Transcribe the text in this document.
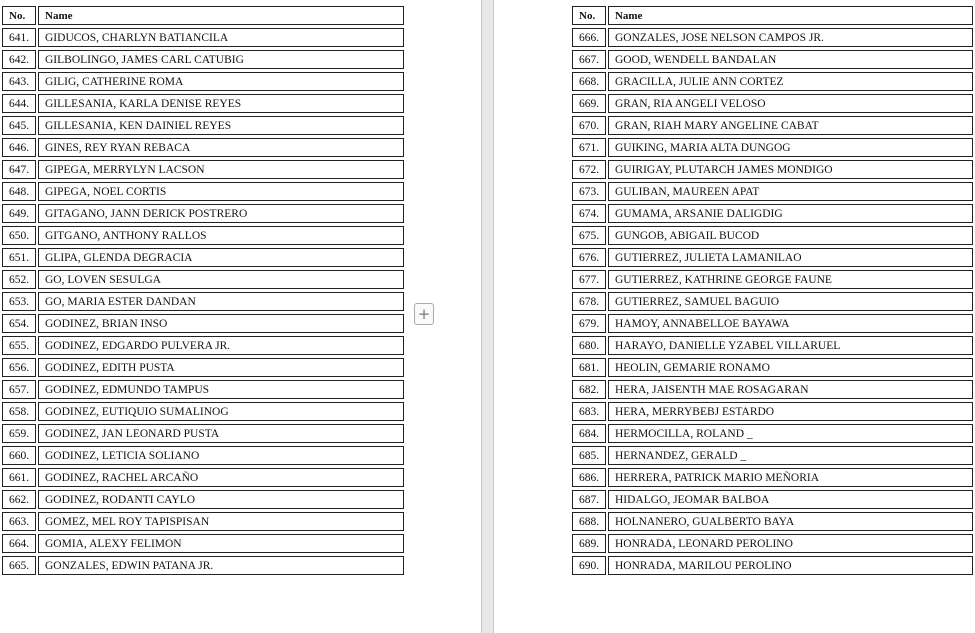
No.	Name
641.	GIDUCOS, CHARLYN BATIANCILA
642.	GILBOLINGO, JAMES CARL CATUBIG
643.	GILIG, CATHERINE ROMA
644.	GILLESANIA, KARLA DENISE REYES
645.	GILLESANIA, KEN DAINIEL REYES
646.	GINES, REY RYAN REBACA
647.	GIPEGA, MERRYLYN LACSON
648.	GIPEGA, NOEL CORTIS
649.	GITAGANO, JANN DERICK POSTRERO
650.	GITGANO, ANTHONY RALLOS
651.	GLIPA, GLENDA DEGRACIA
652.	GO, LOVEN SESULGA
653.	GO, MARIA ESTER DANDAN
654.	GODINEZ, BRIAN INSO
655.	GODINEZ, EDGARDO PULVERA JR.
656.	GODINEZ, EDITH PUSTA
657.	GODINEZ, EDMUNDO TAMPUS
658.	GODINEZ, EUTIQUIO SUMALINOG
659.	GODINEZ, JAN LEONARD PUSTA
660.	GODINEZ, LETICIA SOLIANO
661.	GODINEZ, RACHEL ARCAÑO
662.	GODINEZ, RODANTI CAYLO
663.	GOMEZ, MEL ROY TAPISPISAN
664.	GOMIA, ALEXY FELIMON
665.	GONZALES, EDWIN PATANA JR.
+
No.	Name
666.	GONZALES, JOSE NELSON CAMPOS JR.
667.	GOOD, WENDELL BANDALAN
668.	GRACILLA, JULIE ANN CORTEZ
669.	GRAN, RIA ANGELI VELOSO
670.	GRAN, RIAH MARY ANGELINE CABAT
671.	GUIKING, MARIA ALTA DUNGOG
672.	GUIRIGAY, PLUTARCH JAMES MONDIGO
673.	GULIBAN, MAUREEN APAT
674.	GUMAMA, ARSANIE DALIGDIG
675.	GUNGOB, ABIGAIL BUCOD
676.	GUTIERREZ, JULIETA LAMANILAO
677.	GUTIERREZ, KATHRINE GEORGE FAUNE
678.	GUTIERREZ, SAMUEL BAGUIO
679.	HAMOY, ANNABELLOE BAYAWA
680.	HARAYO, DANIELLE YZABEL VILLARUEL
681.	HEOLIN, GEMARIE RONAMO
682.	HERA, JAISENTH MAE ROSAGARAN
683.	HERA, MERRYBEBJ ESTARDO
684.	HERMOCILLA, ROLAND _
685.	HERNANDEZ, GERALD _
686.	HERRERA, PATRICK MARIO MEÑORIA
687.	HIDALGO, JEOMAR BALBOA
688.	HOLNANERO, GUALBERTO BAYA
689.	HONRADA, LEONARD PEROLINO
690.	HONRADA, MARILOU PEROLINO
